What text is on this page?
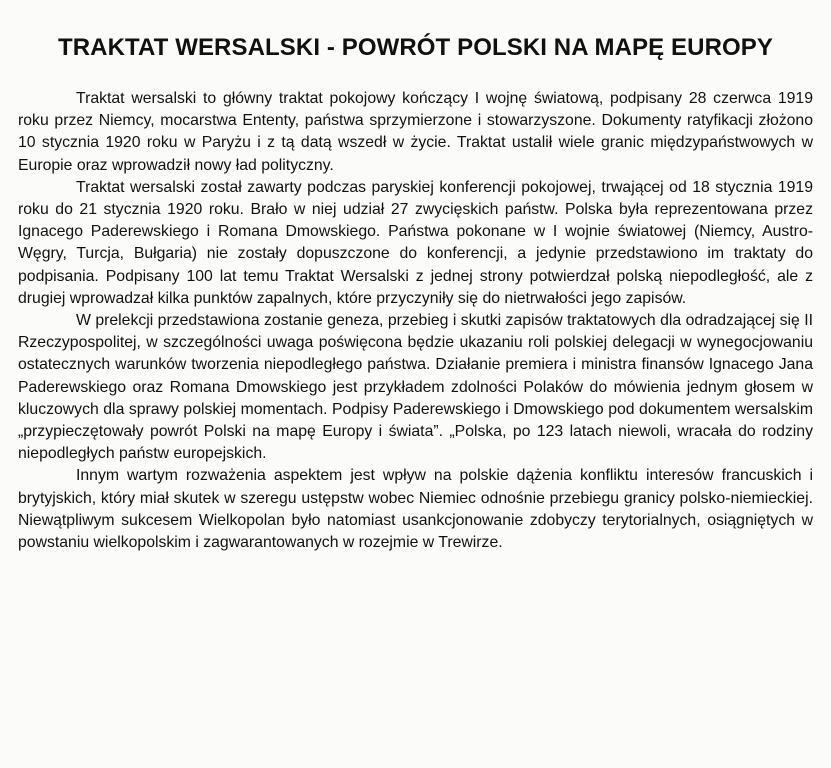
TRAKTAT WERSALSKI - POWRÓT POLSKI NA MAPĘ EUROPY

Traktat wersalski to główny traktat pokojowy kończący I wojnę światową, podpisany 28 czerwca 1919 roku przez Niemcy, mocarstwa Ententy, państwa sprzymierzone i stowarzyszone. Dokumenty ratyfikacji złożono 10 stycznia 1920 roku w Paryżu i z tą datą wszedł w życie. Traktat ustalił wiele granic międzypaństwowych w Europie oraz wprowadził nowy ład polityczny.

Traktat wersalski został zawarty podczas paryskiej konferencji pokojowej, trwającej od 18 stycznia 1919 roku do 21 stycznia 1920 roku. Brało w niej udział 27 zwycięskich państw. Polska była reprezentowana przez Ignacego Paderewskiego i Romana Dmowskiego. Państwa pokonane w I wojnie światowej (Niemcy, Austro-Węgry, Turcja, Bułgaria) nie zostały dopuszczone do konferencji, a jedynie przedstawiono im traktaty do podpisania. Podpisany 100 lat temu Traktat Wersalski z jednej strony potwierdzał polską niepodległość, ale z drugiej wprowadzał kilka punktów zapalnych, które przyczyniły się do nietrwałości jego zapisów.

W prelekcji przedstawiona zostanie geneza, przebieg i skutki zapisów traktatowych dla odradzającej się II Rzeczypospolitej, w szczególności uwaga poświęcona będzie ukazaniu roli polskiej delegacji w wynegocjowaniu ostatecznych warunków tworzenia niepodległego państwa. Działanie premiera i ministra finansów Ignacego Jana Paderewskiego oraz Romana Dmowskiego jest przykładem zdolności Polaków do mówienia jednym głosem w kluczowych dla sprawy polskiej momentach. Podpisy Paderewskiego i Dmowskiego pod dokumentem wersalskim „przypieczętowały powrót Polski na mapę Europy i świata”. „Polska, po 123 latach niewoli, wracała do rodziny niepodległych państw europejskich.

Innym wartym rozważenia aspektem jest wpływ na polskie dążenia konfliktu interesów francuskich i brytyjskich, który miał skutek w szeregu ustępstw wobec Niemiec odnośnie przebiegu granicy polsko-niemieckiej. Niewątpliwym sukcesem Wielkopolan było natomiast usankcjonowanie zdobyczy terytorialnych, osiągniętych w powstaniu wielkopolskim i zagwarantowanych w rozejmie w Trewirze.
